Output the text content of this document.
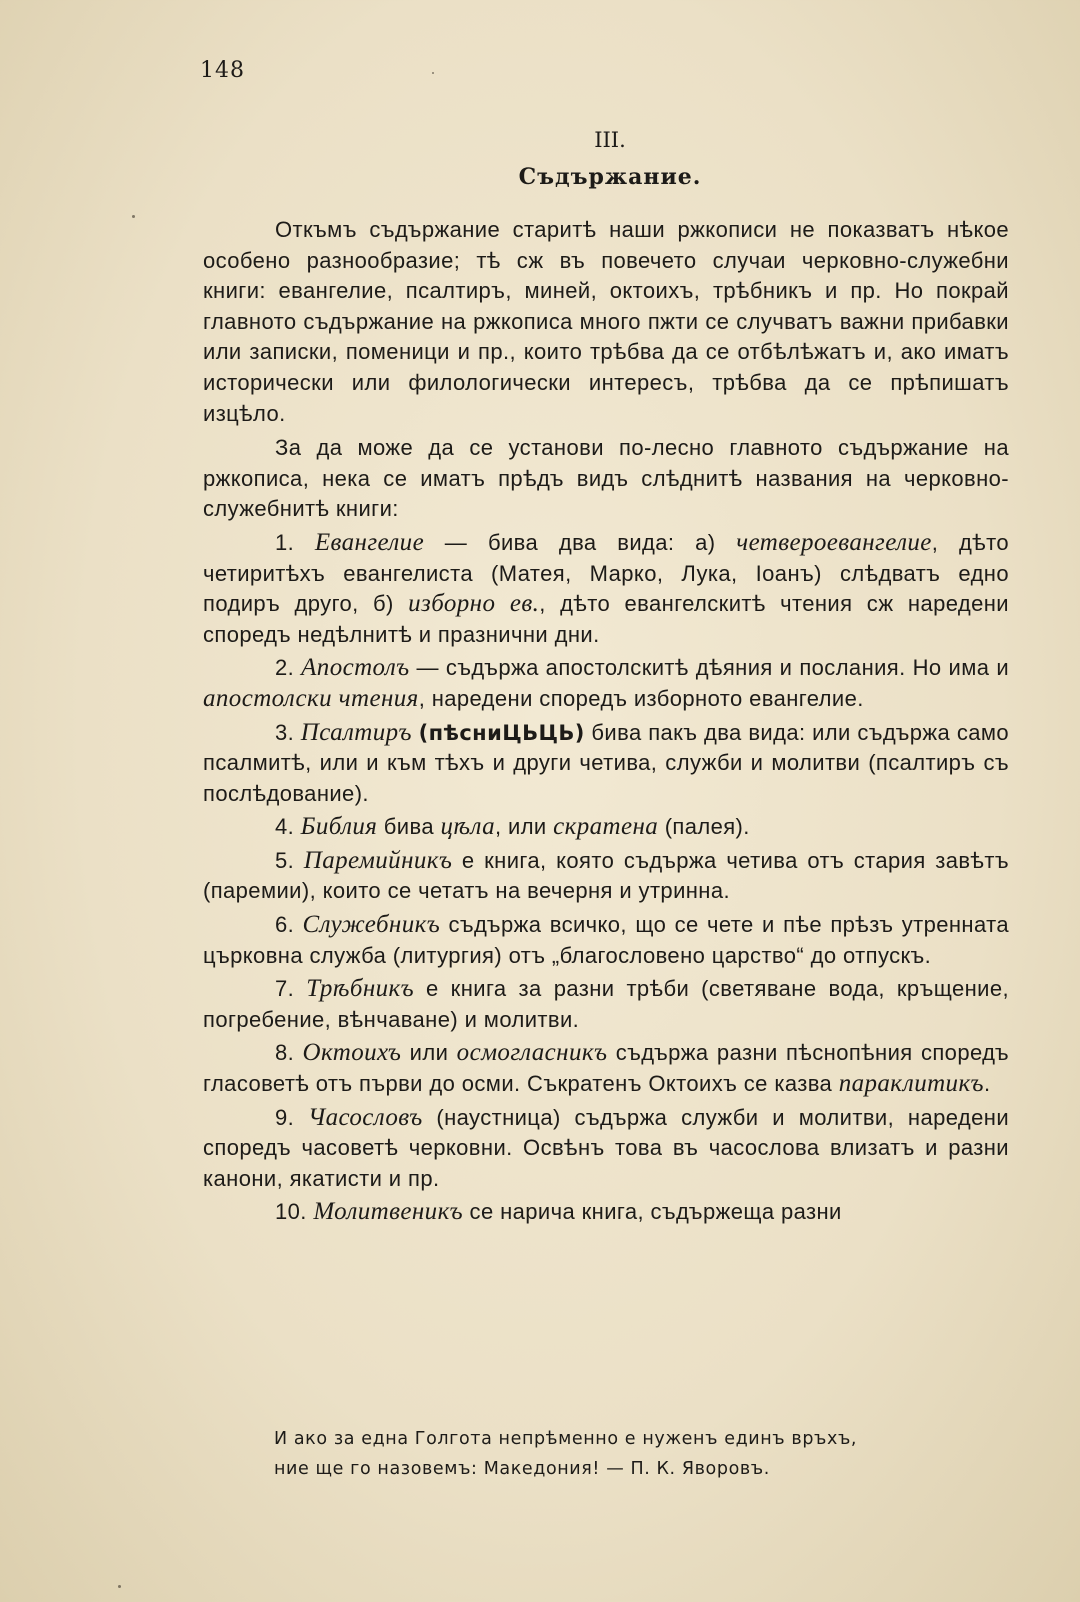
148
III.
Съдържание.

Откъмъ съдържание старитѣ наши ржкописи не показватъ нѣкое особено разнообразие; тѣ сж въ повечето случаи черковно-служебни книги: евангелие, псалтиръ, миней, октоихъ, трѣбникъ и пр. Но покрай главното съдържание на ржкописа много пжти се случватъ важни прибавки или записки, поменици и пр., които трѣбва да се отбѣлѣжатъ и, ако иматъ исторически или филологически интересъ, трѣбва да се прѣпишатъ изцѣло.

За да може да се установи по-лесно главното съдържание на ржкописа, нека се иматъ прѣдъ видъ слѣднитѣ названия на черковно-служебнитѣ книги:

1. Евангелие — бива два вида: а) четвероевангелие, дѣто четиритѣхъ евангелиста (Матея, Марко, Лука, Іоанъ) слѣдватъ едно подиръ друго, б) изборно ев., дѣто евангелскитѣ чтения сж наредени споредъ недѣлнитѣ и празнични дни.

2. Апостолъ — съдържа апостолскитѣ дѣяния и послания. Но има и апостолски чтения, наредени споредъ изборното евангелие.

3. Псалтиръ (пѣсниЦЬЦЬ) бива пакъ два вида: или съдържа само псалмитѣ, или и към тѣхъ и други четива, служби и молитви (псалтиръ съ послѣдование).

4. Библия бива цѣла, или скратена (палея).

5. Паремийникъ е книга, която съдържа четива отъ стария завѣтъ (паремии), които се четатъ на вечерня и утринна.

6. Служебникъ съдържа всичко, що се чете и пѣе прѣзъ утренната църковна служба (литургия) отъ „благословено царство“ до отпускъ.

7. Трѣбникъ е книга за разни трѣби (светяване вода, кръщение, погребение, вѣнчаване) и молитви.

8. Октоихъ или осмогласникъ съдържа разни пѣснопѣния споредъ гласоветѣ отъ първи до осми. Съкратенъ Октоихъ се казва параклитикъ.

9. Часословъ (наустница) съдържа служби и молитви, наредени споредъ часоветѣ черковни. Освѣнъ това въ часослова влизатъ и разни канони, якатисти и пр.

10. Молитвеникъ се нарича книга, съдържеща разни

И ако за една Голгота непрѣменно е нуженъ единъ връхъ,
ние ще го назовемъ: Македония! — П. К. Яворовъ.
